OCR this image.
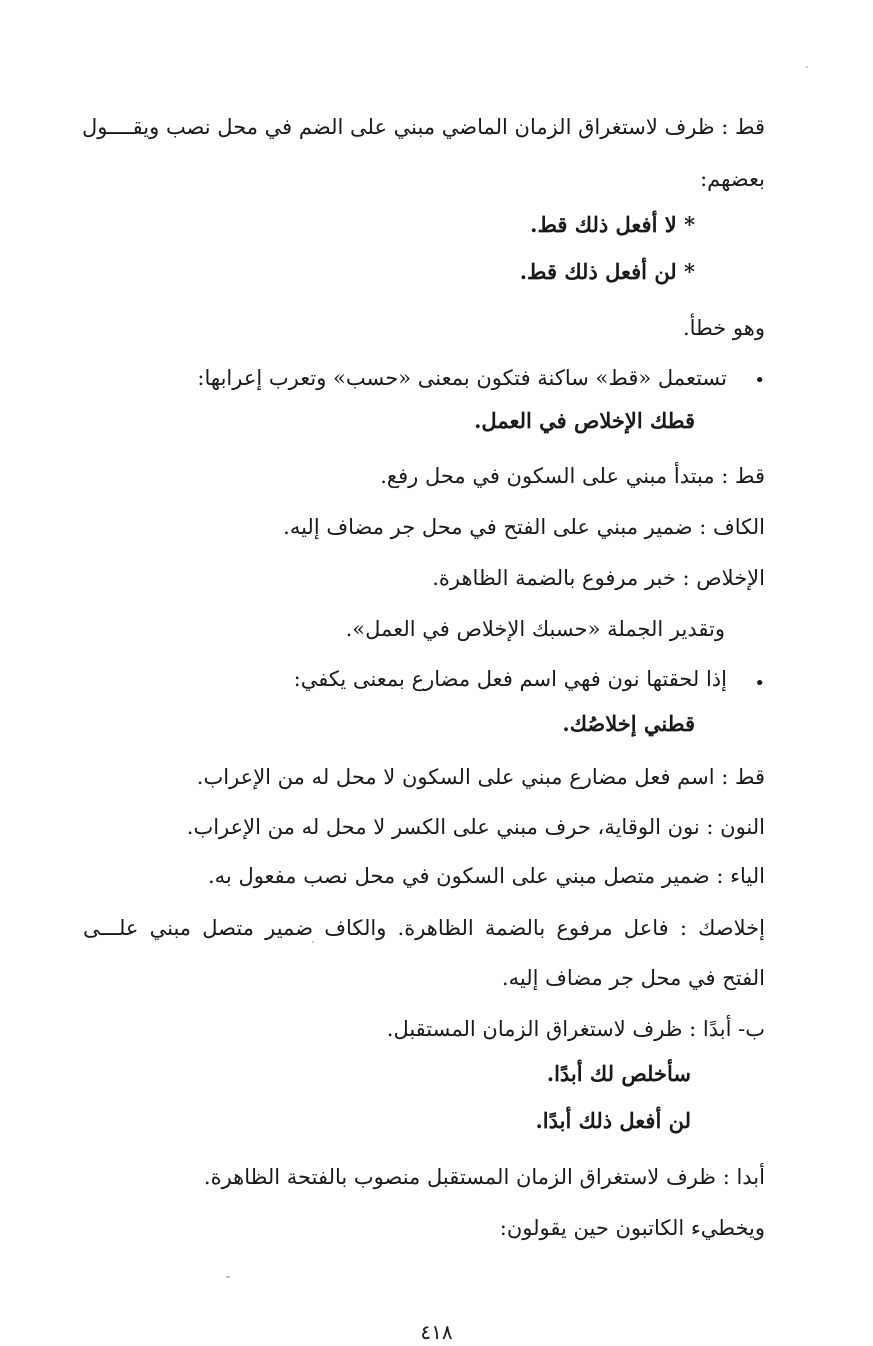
قط : ظرف لاستغراق الزمان الماضي مبني على الضم في محل نصب ويقــــول
بعضهم:
* لا أفعل ذلك قط.
* لن أفعل ذلك قط.
وهو خطأ.
•
تستعمل «قط» ساكنة فتكون بمعنى «حسب» وتعرب إعرابها:
قطك الإخلاص في العمل.
قط : مبتدأ مبني على السكون في محل رفع.
الكاف : ضمير مبني على الفتح في محل جر مضاف إليه.
الإخلاص : خبر مرفوع بالضمة الظاهرة.
وتقدير الجملة «حسبك الإخلاص في العمل».
•
إذا لحقتها نون فهي اسم فعل مضارع بمعنى يكفي:
قطني إخلاصُك.
قط : اسم فعل مضارع مبني على السكون لا محل له من الإعراب.
النون : نون الوقاية، حرف مبني على الكسر لا محل له من الإعراب.
الياء : ضمير متصل مبني على السكون في محل نصب مفعول به.
إخلاصك : فاعل مرفوع بالضمة الظاهرة. والكاف ضمير متصل مبني علـــى
الفتح في محل جر مضاف إليه.
ب- أبدًا : ظرف لاستغراق الزمان المستقبل.
سأخلص لك أبدًا.
لن أفعل ذلك أبدًا.
أبدا : ظرف لاستغراق الزمان المستقبل منصوب بالفتحة الظاهرة.
ويخطيء الكاتبون حين يقولون:
٤١٨
